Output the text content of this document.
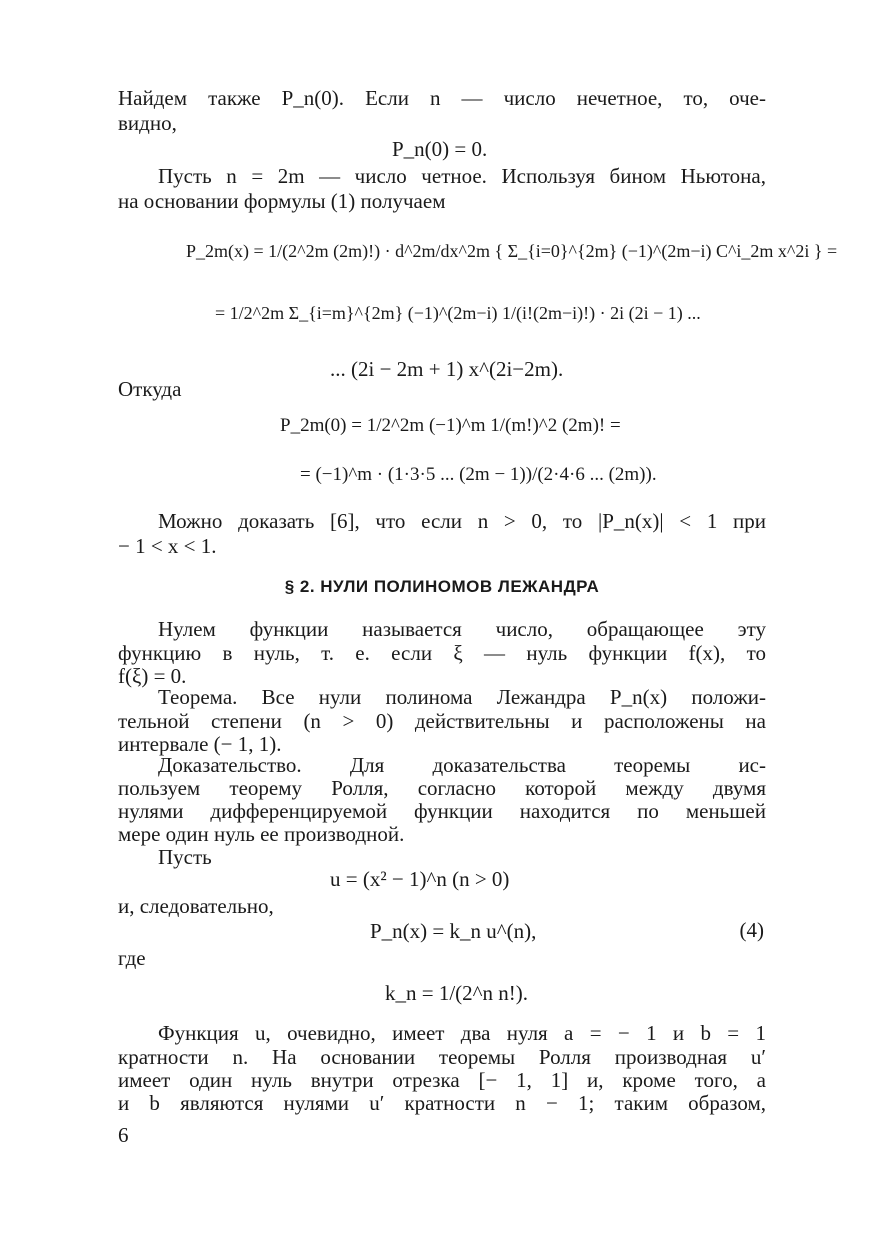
Найдем также P_n(0). Если n — число нечетное, то, оче-
видно,
P_n(0) = 0.
Пусть n = 2m — число четное. Используя бином Ньютона,
на основании формулы (1) получаем
P_2m(x) = 1/(2^2m (2m)!) · d^2m/dx^2m { Σ_{i=0}^{2m} (−1)^(2m−i) C^i_2m x^2i } =
= 1/2^2m Σ_{i=m}^{2m} (−1)^(2m−i) 1/(i!(2m−i)!) · 2i (2i − 1) ...
... (2i − 2m + 1) x^(2i−2m).
Откуда
P_2m(0) = 1/2^2m (−1)^m 1/(m!)^2 (2m)! =
= (−1)^m · (1·3·5 ... (2m − 1))/(2·4·6 ... (2m)).
Можно доказать [6], что если n > 0, то |P_n(x)| < 1 при
− 1 < x < 1.
§ 2. НУЛИ ПОЛИНОМОВ ЛЕЖАНДРА
Нулем функции называется число, обращающее эту
функцию в нуль, т. е. если ξ — нуль функции f(x), то
f(ξ) = 0.
Теорема. Все нули полинома Лежандра P_n(x) положи-
тельной степени (n > 0) действительны и расположены на
интервале (− 1, 1).
Доказательство. Для доказательства теоремы ис-
пользуем теорему Ролля, согласно которой между двумя
нулями дифференцируемой функции находится по меньшей
мере один нуль ее производной.
Пусть
u = (x² − 1)^n (n > 0)
и, следовательно,
P_n(x) = k_n u^(n),	(4)
где
k_n = 1/(2^n n!).
Функция u, очевидно, имеет два нуля a = − 1 и b = 1
кратности n. На основании теоремы Ролля производная u′
имеет один нуль внутри отрезка [− 1, 1] и, кроме того, a
и b являются нулями u′ кратности n − 1; таким образом,
6
